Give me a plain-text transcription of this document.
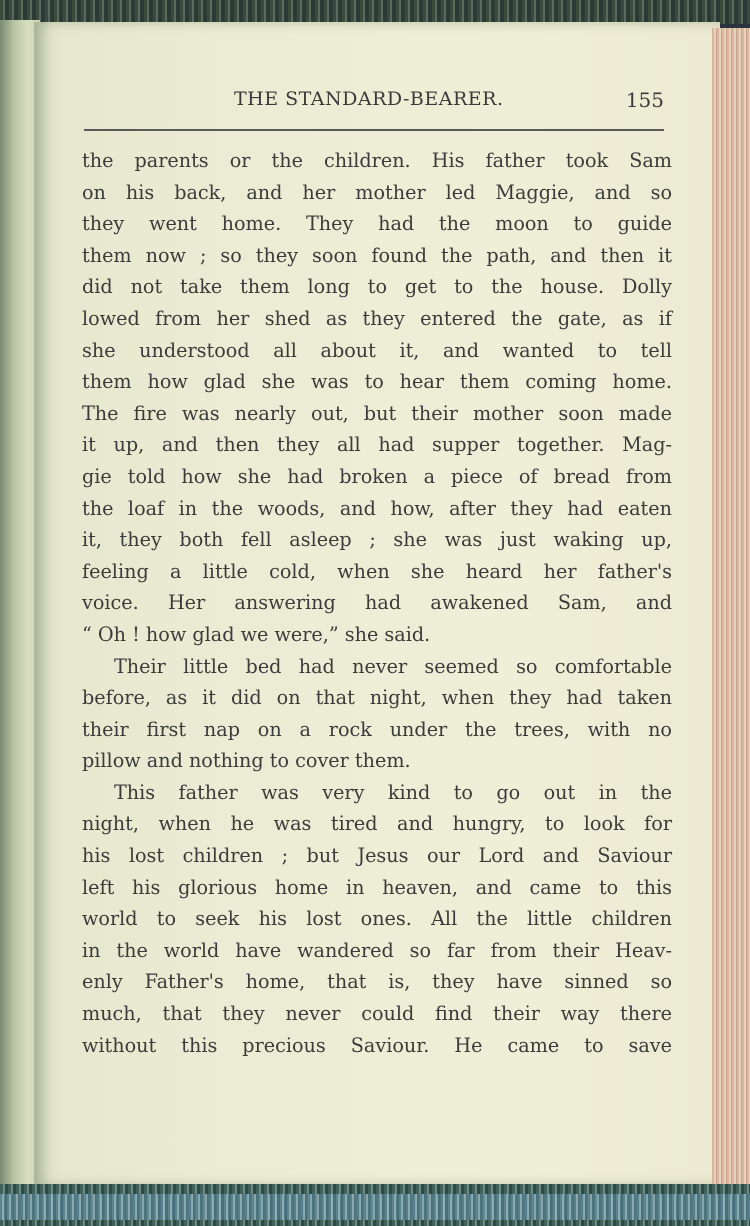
THE STANDARD-BEARER.	155
the parents or the children. His father took Sam
on his back, and her mother led Maggie, and so
they went home. They had the moon to guide
them now ; so they soon found the path, and then it
did not take them long to get to the house. Dolly
lowed from her shed as they entered the gate, as if
she understood all about it, and wanted to tell
them how glad she was to hear them coming home.
The fire was nearly out, but their mother soon made
it up, and then they all had supper together. Mag-
gie told how she had broken a piece of bread from
the loaf in the woods, and how, after they had eaten
it, they both fell asleep ; she was just waking up,
feeling a little cold, when she heard her father's
voice. Her answering had awakened Sam, and
“ Oh ! how glad we were,” she said.
Their little bed had never seemed so comfortable
before, as it did on that night, when they had taken
their first nap on a rock under the trees, with no
pillow and nothing to cover them.
This father was very kind to go out in the
night, when he was tired and hungry, to look for
his lost children ; but Jesus our Lord and Saviour
left his glorious home in heaven, and came to this
world to seek his lost ones. All the little children
in the world have wandered so far from their Heav-
enly Father's home, that is, they have sinned so
much, that they never could find their way there
without this precious Saviour. He came to save
